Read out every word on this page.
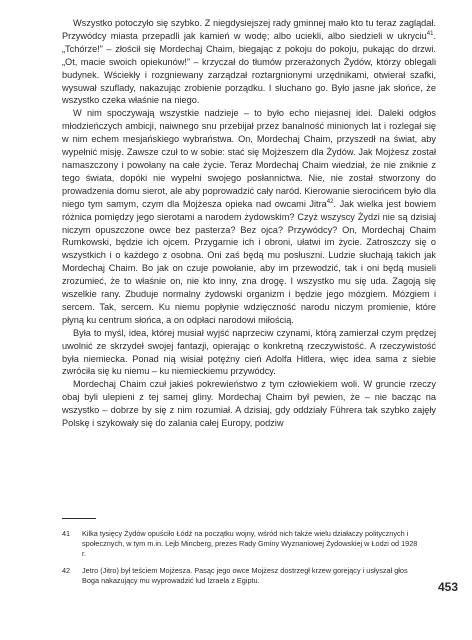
Wszystko potoczyło się szybko. Z niegdysiejszej rady gminnej mało kto tu teraz zaglądał. Przywódcy miasta przepadli jak kamień w wodę; albo uciekli, albo siedzieli w ukryciu$^{41}$. „Tchórze!” – złościł się Mordechaj Chaim, biegając z pokoju do pokoju, pukając do drzwi. „Ot, macie swoich opiekunów!” – krzyczał do tłumów przerażonych Żydów, którzy oblegali budynek. Wściekły i rozgniewany zarządzał roztargnionymi urzędnikami, otwierał szafki, wysuwał szuflady, nakazując zrobienie porządku. I słuchano go. Było jasne jak słońce, że wszystko czeka właśnie na niego.

W nim spoczywają wszystkie nadzieje – to było echo niejasnej idei. Daleki odgłos młodzieńczych ambicji, naiwnego snu przebijał przez banalność minionych lat i rozlegał się w nim echem mesjańskiego wybraństwa. On, Mordechaj Chaim, przyszedł na świat, aby wypełnić misję. Zawsze czuł to w sobie: stać się Mojżeszem dla Żydów. Jak Mojżesz został namaszczony i powołany na całe życie. Teraz Mordechaj Chaim wiedział, że nie zniknie z tego świata, dopóki nie wypełni swojego posłannictwa. Nie, nie został stworzony do prowadzenia domu sierot, ale aby poprowadzić cały naród. Kierowanie sierocińcem było dla niego tym samym, czym dla Mojżesza opieka nad owcami Jitra$^{42}$. Jak wielka jest bowiem różnica pomiędzy jego sierotami a narodem żydowskim? Czyż wszyscy Żydzi nie są dzisiaj niczym opuszczone owce bez pasterza? Bez ojca? Przywódcy? On, Mordechaj Chaim Rumkowski, będzie ich ojcem. Przygarnie ich i obroni, ułatwi im życie. Zatroszczy się o wszystkich i o każdego z osobna. Oni zaś będą mu posłuszni. Ludzie słuchają takich jak Mordechaj Chaim. Bo jak on czuje powołanie, aby im przewodzić, tak i oni będą musieli zrozumieć, że to właśnie on, nie kto inny, zna drogę. I wszystko mu się uda. Zagoją się wszelkie rany. Zbuduje normalny żydowski organizm i będzie jego mózgiem. Mózgiem i sercem. Tak, sercem. Ku niemu popłynie wdzięczność narodu niczym promienie, które płyną ku centrum słońca, a on odpłaci narodowi miłością.

Była to myśl, idea, której musiał wyjść naprzeciw czynami, którą zamierzał czym prędzej uwolnić ze skrzydeł swojej fantazji, opierając o konkretną rzeczywistość. A rzeczywistość była niemiecka. Ponad nią wisiał potężny cień Adolfa Hitlera, więc idea sama z siebie zwróciła się ku niemu – ku niemieckiemu przywódcy.

Mordechaj Chaim czuł jakieś pokrewieństwo z tym człowiekiem woli. W gruncie rzeczy obaj byli ulepieni z tej samej gliny. Mordechaj Chaim był pewien, że – nie bacząc na wszystko – dobrze by się z nim rozumiał. A dzisiaj, gdy oddziały Führera tak szybko zajęły Polskę i szykowały się do zalania całej Europy, podziw

41	Kilka tysięcy Żydów opuściło Łódź na początku wojny, wśród nich także wielu działaczy politycznych i społecznych, w tym m.in. Lejb Mincberg, prezes Rady Gminy Wyznaniowej Żydowskiej w Łodzi od 1928 r.
42	Jetro (Jitro) był teściem Mojżesza. Pasąc jego owce Mojżesz dostrzegł krzew gorejący i usłyszał głos Boga nakazujący mu wyprowadzić lud Izraela z Egiptu.	453
